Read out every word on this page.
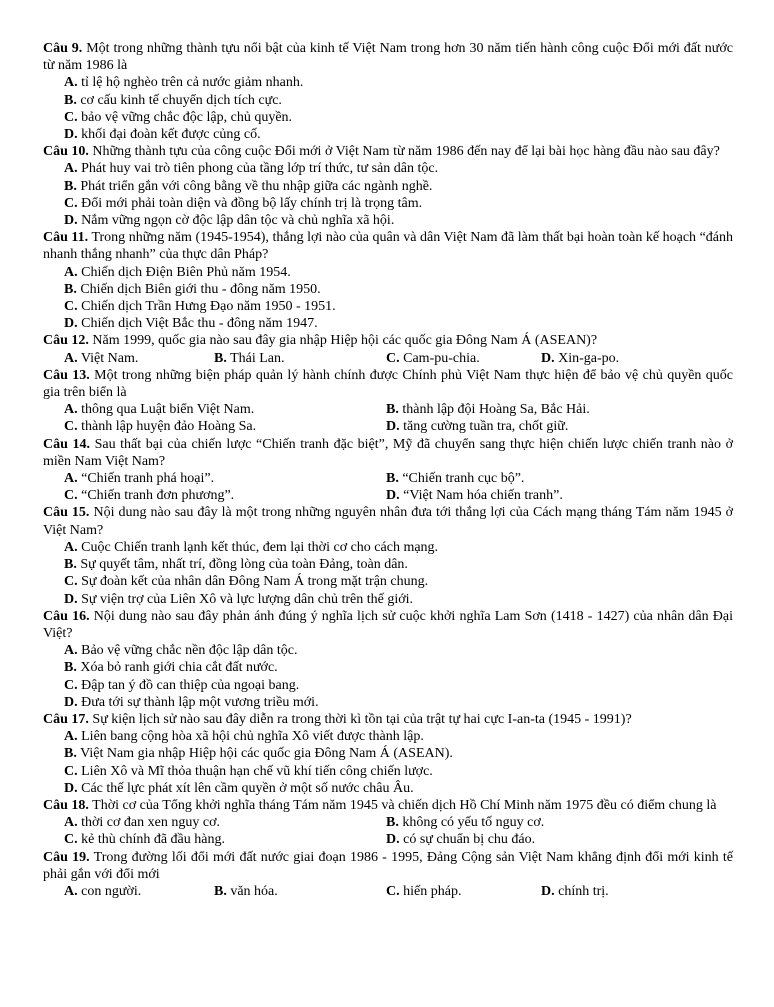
Câu 9. Một trong những thành tựu nổi bật của kinh tế Việt Nam trong hơn 30 năm tiến hành công cuộc Đổi mới đất nước từ năm 1986 là
A. tỉ lệ hộ nghèo trên cả nước giảm nhanh.
B. cơ cấu kinh tế chuyển dịch tích cực.
C. bảo vệ vững chắc độc lập, chủ quyền.
D. khối đại đoàn kết được củng cố.
Câu 10. Những thành tựu của công cuộc Đổi mới ở Việt Nam từ năm 1986 đến nay để lại bài học hàng đầu nào sau đây?
A. Phát huy vai trò tiên phong của tầng lớp trí thức, tư sản dân tộc.
B. Phát triển gắn với công bằng về thu nhập giữa các ngành nghề.
C. Đổi mới phải toàn diện và đồng bộ lấy chính trị là trọng tâm.
D. Nắm vững ngọn cờ độc lập dân tộc và chủ nghĩa xã hội.
Câu 11. Trong những năm (1945-1954), thắng lợi nào của quân và dân Việt Nam đã làm thất bại hoàn toàn kế hoạch “đánh nhanh thắng nhanh” của thực dân Pháp?
A. Chiến dịch Điện Biên Phủ năm 1954.
B. Chiến dịch Biên giới thu - đông năm 1950.
C. Chiến dịch Trần Hưng Đạo năm 1950 - 1951.
D. Chiến dịch Việt Bắc thu - đông năm 1947.
Câu 12. Năm 1999, quốc gia nào sau đây gia nhập Hiệp hội các quốc gia Đông Nam Á (ASEAN)?
A. Việt Nam.	B. Thái Lan.	C. Cam-pu-chia.	D. Xin-ga-po.
Câu 13. Một trong những biện pháp quản lý hành chính được Chính phủ Việt Nam thực hiện để bảo vệ chủ quyền quốc gia trên biển là
A. thông qua Luật biển Việt Nam.	B. thành lập đội Hoàng Sa, Bắc Hải.
C. thành lập huyện đảo Hoàng Sa.	D. tăng cường tuần tra, chốt giữ.
Câu 14. Sau thất bại của chiến lược “Chiến tranh đặc biệt”, Mỹ đã chuyển sang thực hiện chiến lược chiến tranh nào ở miền Nam Việt Nam?
A. “Chiến tranh phá hoại”.	B. “Chiến tranh cục bộ”.
C. “Chiến tranh đơn phương”.	D. “Việt Nam hóa chiến tranh”.
Câu 15. Nội dung nào sau đây là một trong những nguyên nhân đưa tới thắng lợi của Cách mạng tháng Tám năm 1945 ở Việt Nam?
A. Cuộc Chiến tranh lạnh kết thúc, đem lại thời cơ cho cách mạng.
B. Sự quyết tâm, nhất trí, đồng lòng của toàn Đảng, toàn dân.
C. Sự đoàn kết của nhân dân Đông Nam Á trong mặt trận chung.
D. Sự viện trợ của Liên Xô và lực lượng dân chủ trên thế giới.
Câu 16. Nội dung nào sau đây phản ánh đúng ý nghĩa lịch sử cuộc khởi nghĩa Lam Sơn (1418 - 1427) của nhân dân Đại Việt?
A. Bảo vệ vững chắc nền độc lập dân tộc.
B. Xóa bỏ ranh giới chia cắt đất nước.
C. Đập tan ý đồ can thiệp của ngoại bang.
D. Đưa tới sự thành lập một vương triều mới.
Câu 17. Sự kiện lịch sử nào sau đây diễn ra trong thời kì tồn tại của trật tự hai cực I-an-ta (1945 - 1991)?
A. Liên bang cộng hòa xã hội chủ nghĩa Xô viết được thành lập.
B. Việt Nam gia nhập Hiệp hội các quốc gia Đông Nam Á (ASEAN).
C. Liên Xô và Mĩ thỏa thuận hạn chế vũ khí tiến công chiến lược.
D. Các thế lực phát xít lên cầm quyền ở một số nước châu Âu.
Câu 18. Thời cơ của Tổng khởi nghĩa tháng Tám năm 1945 và chiến dịch Hồ Chí Minh năm 1975 đều có điểm chung là
A. thời cơ đan xen nguy cơ.	B. không có yếu tố nguy cơ.
C. kẻ thù chính đã đầu hàng.	D. có sự chuẩn bị chu đáo.
Câu 19. Trong đường lối đổi mới đất nước giai đoạn 1986 - 1995, Đảng Cộng sản Việt Nam khẳng định đổi mới kinh tế phải gắn với đổi mới
A. con người.	B. văn hóa.	C. hiến pháp.	D. chính trị.
